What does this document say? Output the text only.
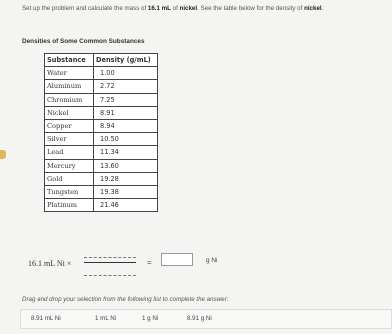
Set up the problem and calculate the mass of 16.1 mL of nickel. See the table below for the density of nickel.
Densities of Some Common Substances
Substance	Density (g/mL)
Water	1.00
Aluminum	2.72
Chromium	7.25
Nickel	8.91
Copper	8.94
Silver	10.50
Lead	11.34
Mercury	13.60
Gold	19.28
Tungsten	19.38
Platinum	21.46
16.1 mL Ni ×	=	g Ni
Drag and drop your selection from the following list to complete the answer:
8.91 mL Ni	1 mL Ni	1 g Ni	8.91 g Ni
